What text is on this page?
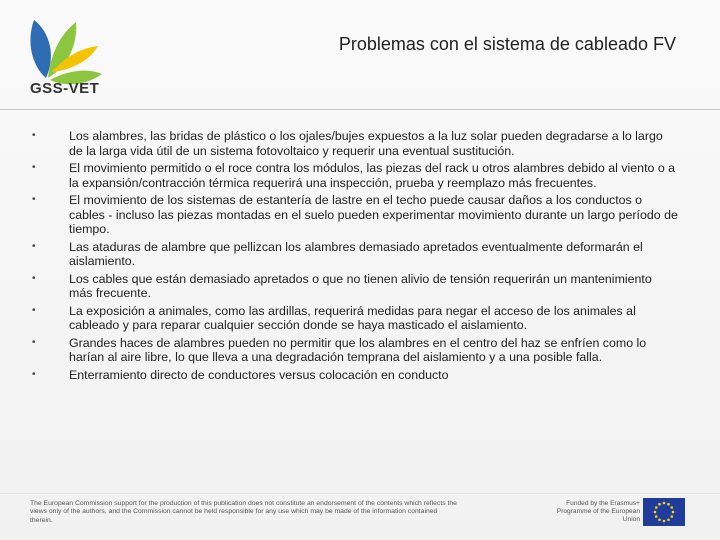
GSS-VET
Problemas con el sistema de cableado FV
•	Los alambres, las bridas de plástico o los ojales/bujes expuestos a la luz solar pueden degradarse a lo largo de la larga vida útil de un sistema fotovoltaico y requerir una eventual sustitución.
•	El movimiento permitido o el roce contra los módulos, las piezas del rack u otros alambres debido al viento o a la expansión/contracción térmica requerirá una inspección, prueba y reemplazo más frecuentes.
•	El movimiento de los sistemas de estantería de lastre en el techo puede causar daños a los conductos o cables - incluso las piezas montadas en el suelo pueden experimentar movimiento durante un largo período de tiempo.
•	Las ataduras de alambre que pellizcan los alambres demasiado apretados eventualmente deformarán el aislamiento.
•	Los cables que están demasiado apretados o que no tienen alivio de tensión requerirán un mantenimiento más frecuente.
•	La exposición a animales, como las ardillas, requerirá medidas para negar el acceso de los animales al cableado y para reparar cualquier sección donde se haya masticado el aislamiento.
•	Grandes haces de alambres pueden no permitir que los alambres en el centro del haz se enfríen como lo harían al aire libre, lo que lleva a una degradación temprana del aislamiento y a una posible falla.
•	Enterramiento directo de conductores versus colocación en conducto
The European Commission support for the production of this publication does not constitute an endorsement of the contents which reflects the views only of the authors, and the Commission cannot be held responsible for any use which may be made of the information contained therein.
Funded by the Erasmus+ Programme of the European Union
